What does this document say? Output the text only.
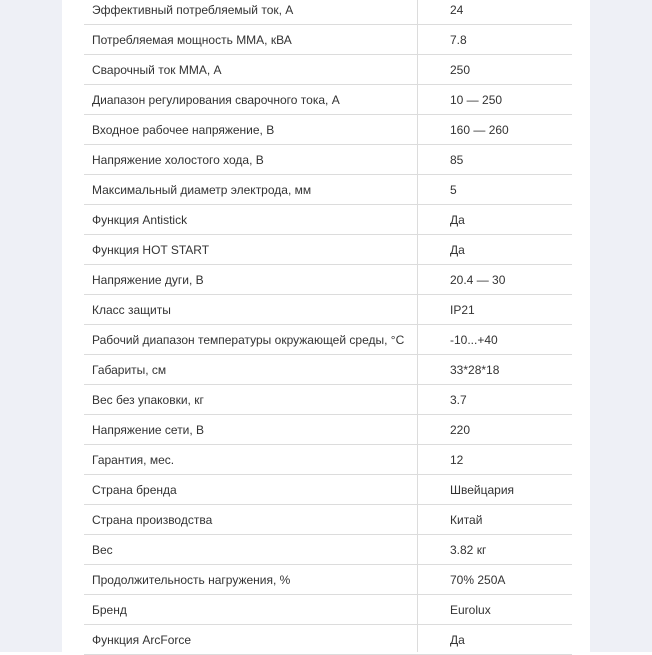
Эффективный потребляемый ток, А	24
Потребляемая мощность ММА, кВА	7.8
Сварочный ток ММА, А	250
Диапазон регулирования сварочного тока, А	10 — 250
Входное рабочее напряжение, В	160 — 260
Напряжение холостого хода, В	85
Максимальный диаметр электрода, мм	5
Функция Antistick	Да
Функция HOT START	Да
Напряжение дуги, В	20.4 — 30
Класс защиты	IP21
Рабочий диапазон температуры окружающей среды, °C	-10...+40
Габариты, см	33*28*18
Вес без упаковки, кг	3.7
Напряжение сети, В	220
Гарантия, мес.	12
Страна бренда	Швейцария
Страна производства	Китай
Вес	3.82 кг
Продолжительность нагружения, %	70% 250А
Бренд	Eurolux
Функция ArcForce	Да
